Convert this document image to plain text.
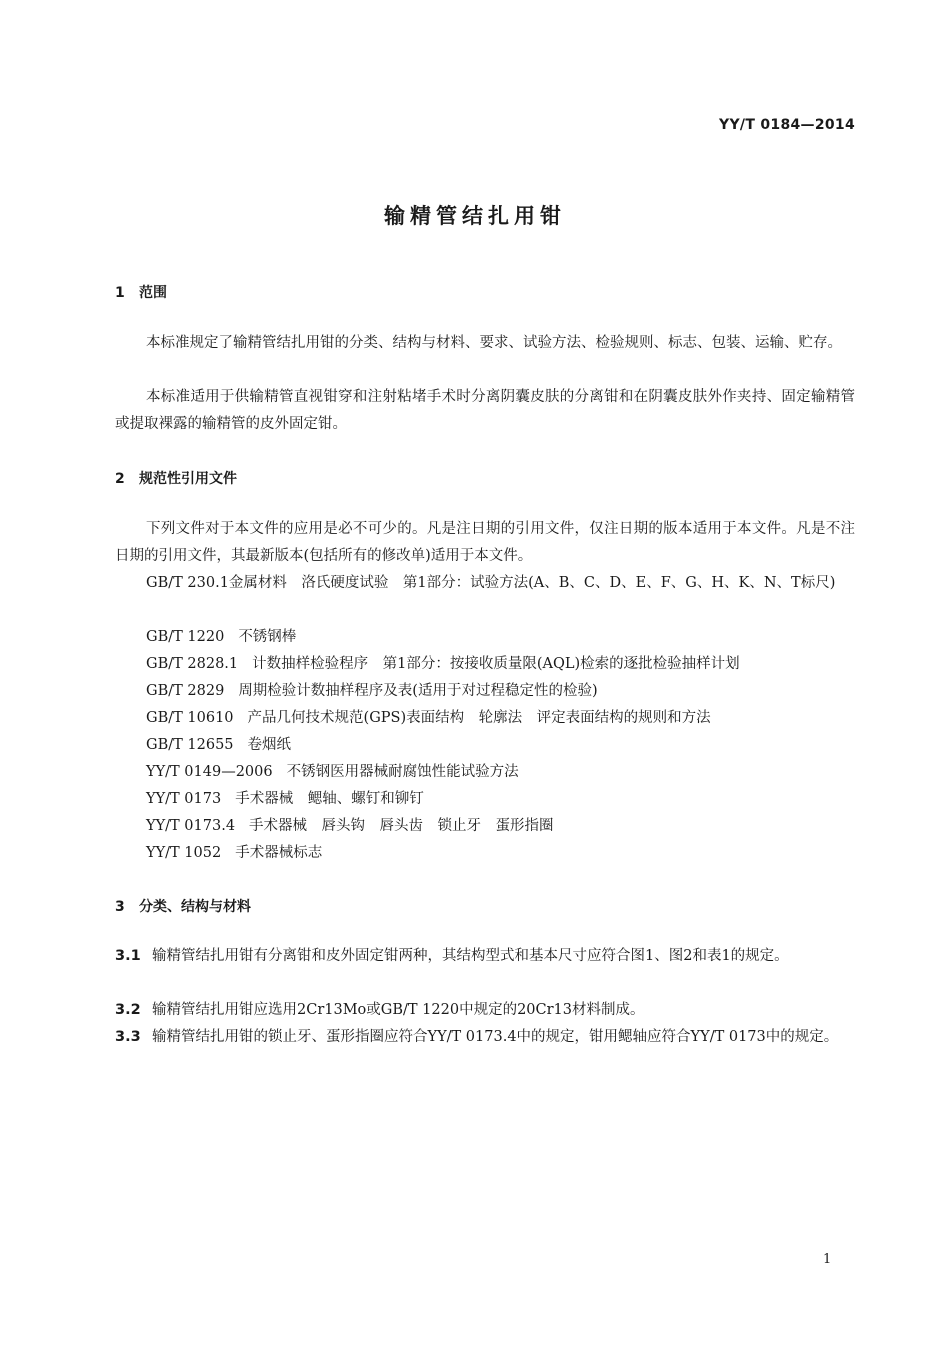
YY/T 0184—2014
输精管结扎用钳
1 范围

本标准规定了输精管结扎用钳的分类、结构与材料、要求、试验方法、检验规则、标志、包装、运输、贮存。

本标准适用于供输精管直视钳穿和注射粘堵手术时分离阴囊皮肤的分离钳和在阴囊皮肤外作夹持、固定输精管或提取裸露的输精管的皮外固定钳。

2 规范性引用文件

下列文件对于本文件的应用是必不可少的。凡是注日期的引用文件，仅注日期的版本适用于本文件。凡是不注日期的引用文件，其最新版本(包括所有的修改单)适用于本文件。

GB/T 230.1金属材料　洛氏硬度试验　第1部分：试验方法(A、B、C、D、E、F、G、H、K、N、T标尺)
GB/T 1220 不锈钢棒
GB/T 2828.1 计数抽样检验程序　第1部分：按接收质量限(AQL)检索的逐批检验抽样计划
GB/T 2829 周期检验计数抽样程序及表(适用于对过程稳定性的检验)
GB/T 10610 产品几何技术规范(GPS)表面结构　轮廓法　评定表面结构的规则和方法
GB/T 12655 卷烟纸
YY/T 0149—2006 不锈钢医用器械耐腐蚀性能试验方法
YY/T 0173 手术器械　鳃轴、螺钉和铆钉
YY/T 0173.4 手术器械　唇头钩　唇头齿　锁止牙　蛋形指圈
YY/T 1052 手术器械标志
3 分类、结构与材料
3.1 输精管结扎用钳有分离钳和皮外固定钳两种，其结构型式和基本尺寸应符合图1、图2和表1的规定。
3.2 输精管结扎用钳应选用2Cr13Mo或GB/T 1220中规定的20Cr13材料制成。
3.3 输精管结扎用钳的锁止牙、蛋形指圈应符合YY/T 0173.4中的规定，钳用鳃轴应符合YY/T 0173中的规定。
1
